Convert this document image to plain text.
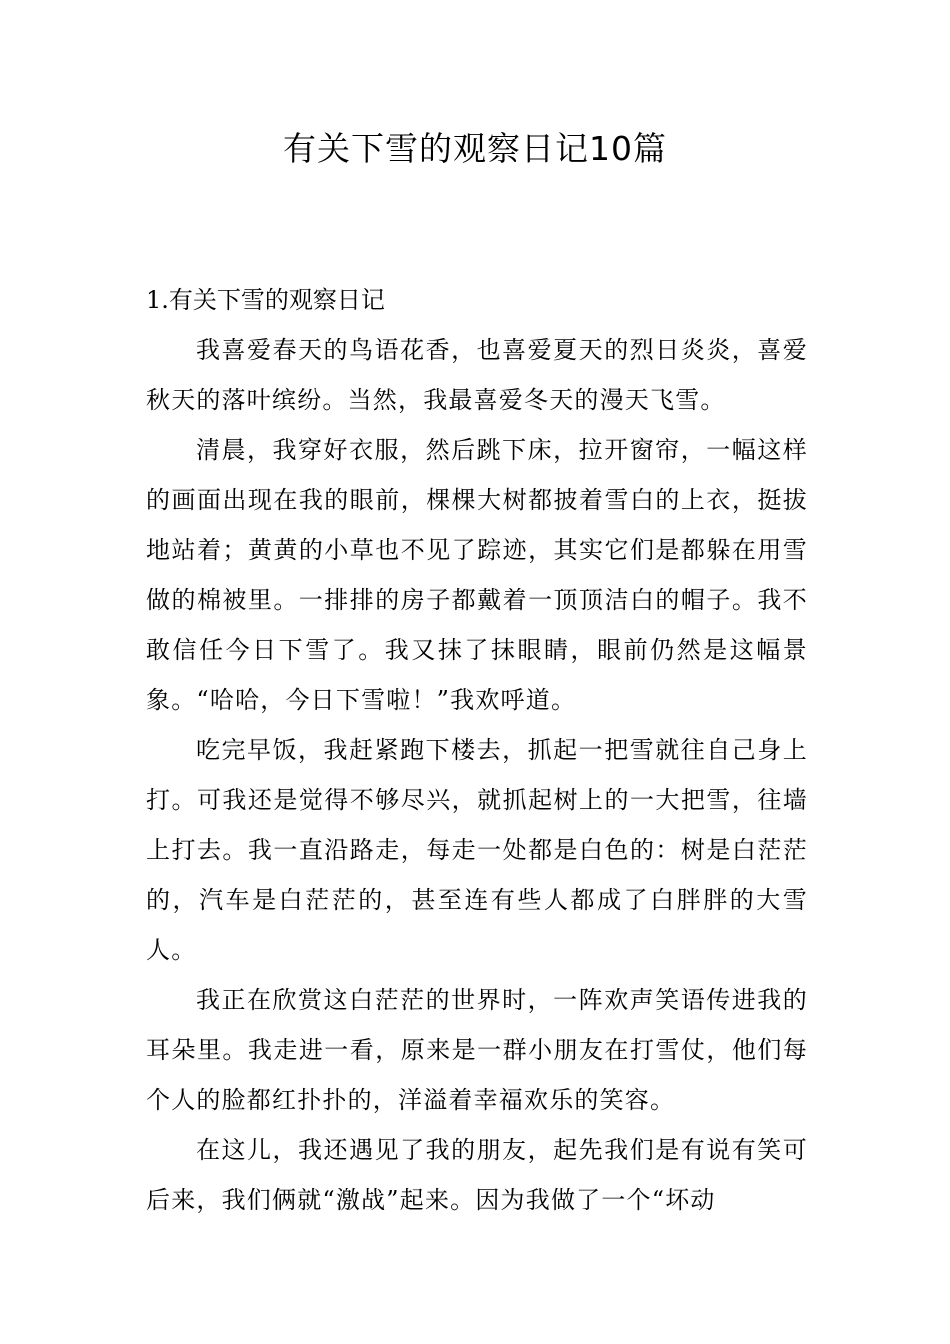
有关下雪的观察日记10篇

1.有关下雪的观察日记

我喜爱春天的鸟语花香，也喜爱夏天的烈日炎炎，喜爱秋天的落叶缤纷。当然，我最喜爱冬天的漫天飞雪。

清晨，我穿好衣服，然后跳下床，拉开窗帘，一幅这样的画面出现在我的眼前，棵棵大树都披着雪白的上衣，挺拔地站着；黄黄的小草也不见了踪迹，其实它们是都躲在用雪做的棉被里。一排排的房子都戴着一顶顶洁白的帽子。我不敢信任今日下雪了。我又抹了抹眼睛，眼前仍然是这幅景象。“哈哈，今日下雪啦！”我欢呼道。

吃完早饭，我赶紧跑下楼去，抓起一把雪就往自己身上打。可我还是觉得不够尽兴，就抓起树上的一大把雪，往墙上打去。我一直沿路走，每走一处都是白色的：树是白茫茫的，汽车是白茫茫的，甚至连有些人都成了白胖胖的大雪人。

我正在欣赏这白茫茫的世界时，一阵欢声笑语传进我的耳朵里。我走进一看，原来是一群小朋友在打雪仗，他们每个人的脸都红扑扑的，洋溢着幸福欢乐的笑容。

在这儿，我还遇见了我的朋友，起先我们是有说有笑可后来，我们俩就“激战”起来。因为我做了一个“坏动
